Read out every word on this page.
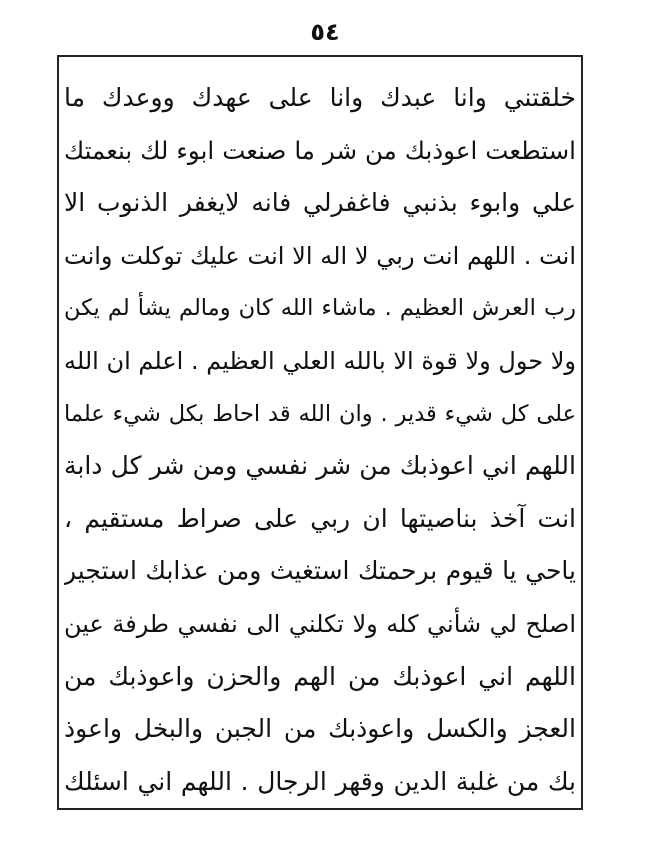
٥٤
خلقتني وانا عبدك وانا على عهدك ووعدك ما
استطعت اعوذبك من شر ما صنعت ابوء لك بنعمتك
علي وابوء بذنبي فاغفرلي فانه لايغفر الذنوب الا
انت . اللهم انت ربي لا اله الا انت عليك توكلت وانت
رب العرش العظيم . ماشاء الله كان ومالم يشأ لم يكن
ولا حول ولا قوة الا بالله العلي العظيم . اعلم ان الله
على كل شيء قدير . وان الله قد احاط بكل شيء علما
اللهم اني اعوذبك من شر نفسي ومن شر كل دابة
انت آخذ بناصيتها ان ربي على صراط مستقيم ،
ياحي يا قيوم برحمتك استغيث ومن عذابك استجير
اصلح لي شأني كله ولا تكلني الى نفسي طرفة عين
اللهم اني اعوذبك من الهم والحزن واعوذبك من
العجز والكسل واعوذبك من الجبن والبخل واعوذ
بك من غلبة الدين وقهر الرجال . اللهم اني اسئلك
